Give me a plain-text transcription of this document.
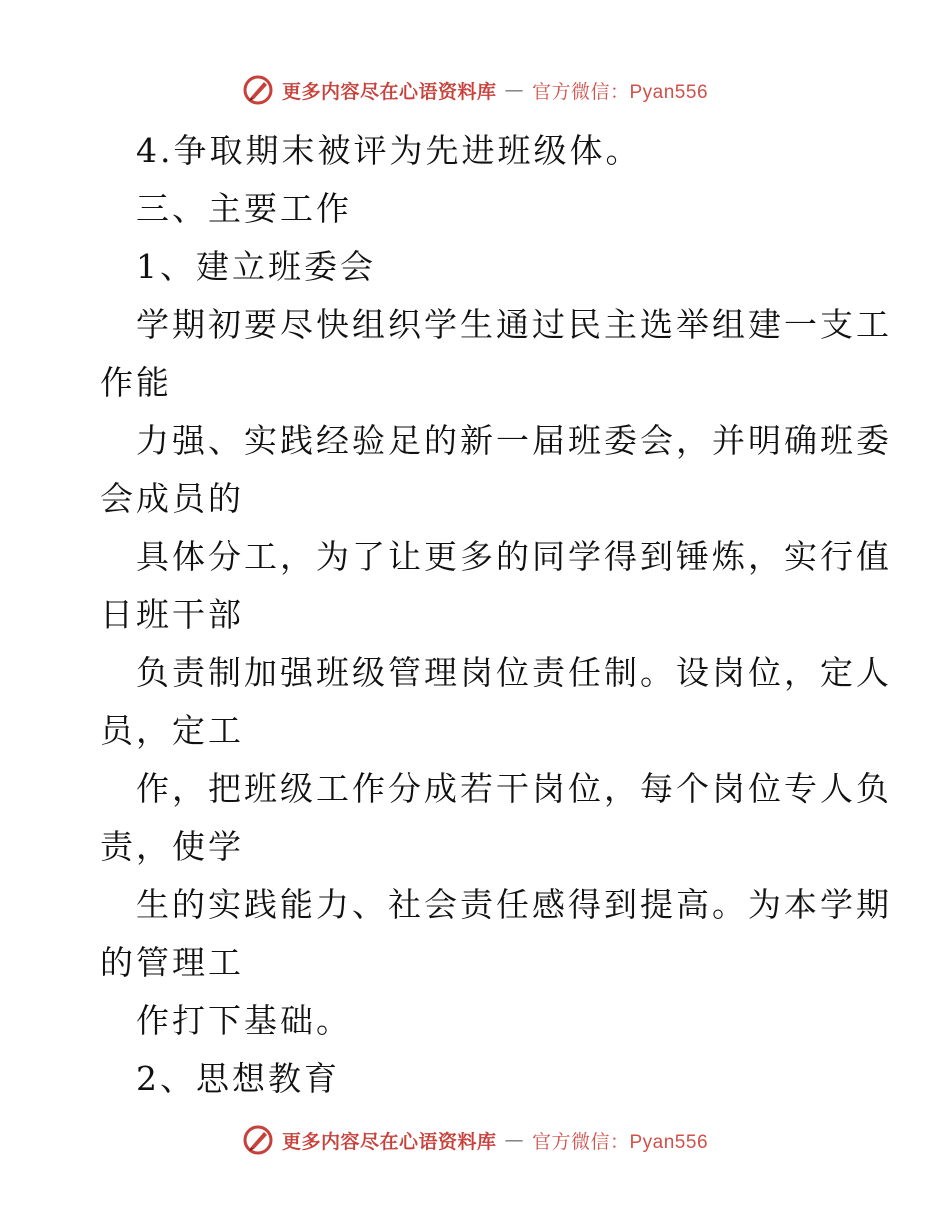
更多内容尽在心语资料库 — 官方微信：Pyan556
4.争取期末被评为先进班级体。
三、主要工作
1、建立班委会
学期初要尽快组织学生通过民主选举组建一支工
作能
力强、实践经验足的新一届班委会，并明确班委
会成员的
具体分工，为了让更多的同学得到锤炼，实行值
日班干部
负责制加强班级管理岗位责任制。设岗位，定人
员，定工
作，把班级工作分成若干岗位，每个岗位专人负
责，使学
生的实践能力、社会责任感得到提高。为本学期
的管理工
作打下基础。
2、思想教育
更多内容尽在心语资料库 — 官方微信：Pyan556
